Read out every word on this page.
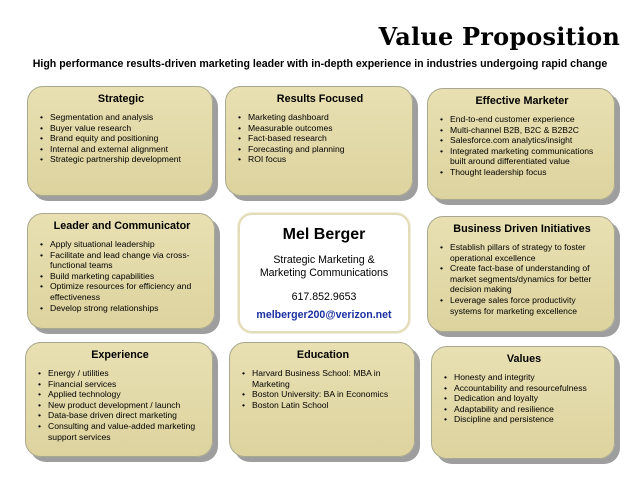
Value Proposition
High performance results-driven marketing leader with in-depth experience in industries undergoing rapid change
Strategic
• Segmentation and analysis
• Buyer value research
• Brand equity and positioning
• Internal and external alignment
• Strategic partnership development
Results Focused
• Marketing dashboard
• Measurable outcomes
• Fact-based research
• Forecasting and planning
• ROI focus
Effective Marketer
• End-to-end customer experience
• Multi-channel B2B, B2C & B2B2C
• Salesforce.com analytics/insight
• Integrated marketing communications built around differentiated value
• Thought leadership focus
Leader and Communicator
• Apply situational leadership
• Facilitate and lead change via cross-functional teams
• Build marketing capabilities
• Optimize resources for efficiency and effectiveness
• Develop strong relationships
Mel Berger
Strategic Marketing &
Marketing Communications
617.852.9653
melberger200@verizon.net
Business Driven Initiatives
• Establish pillars of strategy to foster operational excellence
• Create fact-base of understanding of market segments/dynamics for better decision making
• Leverage sales force productivity systems for marketing excellence
Experience
• Energy / utilities
• Financial services
• Applied technology
• New product development / launch
• Data-base driven direct marketing
• Consulting and value-added marketing support services
Education
• Harvard Business School: MBA in Marketing
• Boston University: BA in Economics
• Boston Latin School
Values
• Honesty and integrity
• Accountability and resourcefulness
• Dedication and loyalty
• Adaptability and resilience
• Discipline and persistence
